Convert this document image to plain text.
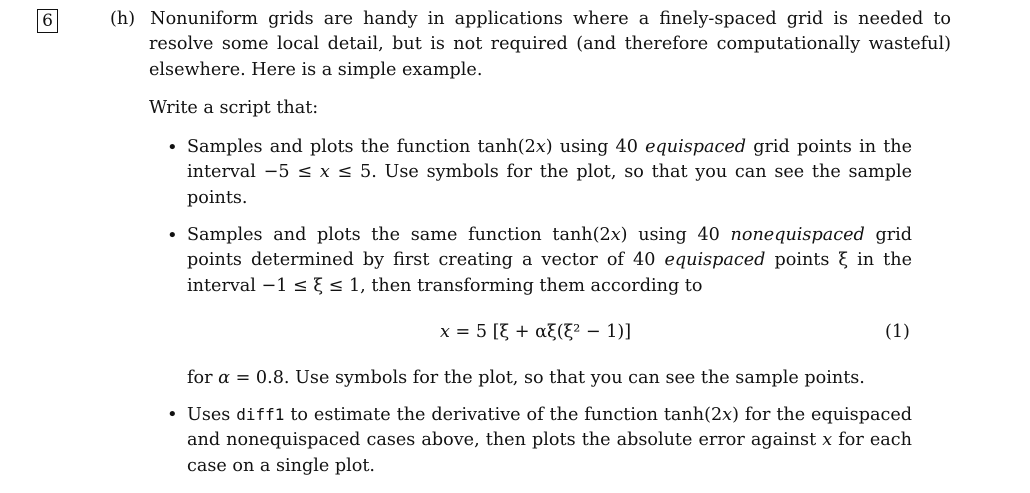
6	(h) Nonuniform grids are handy in applications where a finely-spaced grid is needed to resolve some local detail, but is not required (and therefore computationally wasteful) elsewhere. Here is a simple example.
Write a script that:
• Samples and plots the function tanh(2x) using 40 equispaced grid points in the interval −5 ≤ x ≤ 5. Use symbols for the plot, so that you can see the sample points.
• Samples and plots the same function tanh(2x) using 40 nonequispaced grid points determined by first creating a vector of 40 equispaced points ξ in the interval −1 ≤ ξ ≤ 1, then transforming them according to
x = 5 [ξ + αξ(ξ² − 1)]	(1)
for α = 0.8. Use symbols for the plot, so that you can see the sample points.
• Uses diff1 to estimate the derivative of the function tanh(2x) for the equispaced and nonequispaced cases above, then plots the absolute error against x for each case on a single plot.
